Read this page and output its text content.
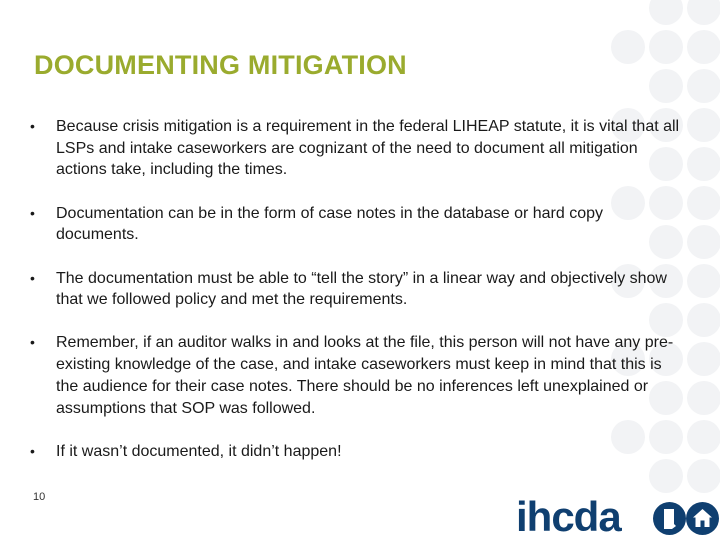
DOCUMENTING MITIGATION
•	Because crisis mitigation is a requirement in the federal LIHEAP statute, it is vital that all LSPs and intake caseworkers are cognizant of the need to document all mitigation actions take, including the times.
•	Documentation can be in the form of case notes in the database or hard copy documents.
•	The documentation must be able to “tell the story” in a linear way and objectively show that we followed policy and met the requirements.
•	Remember, if an auditor walks in and looks at the file, this person will not have any pre-existing knowledge of the case, and intake caseworkers must keep in mind that this is the audience for their case notes. There should be no inferences left unexplained or assumptions that SOP was followed.
•	If it wasn’t documented, it didn’t happen!
10	ihcda
